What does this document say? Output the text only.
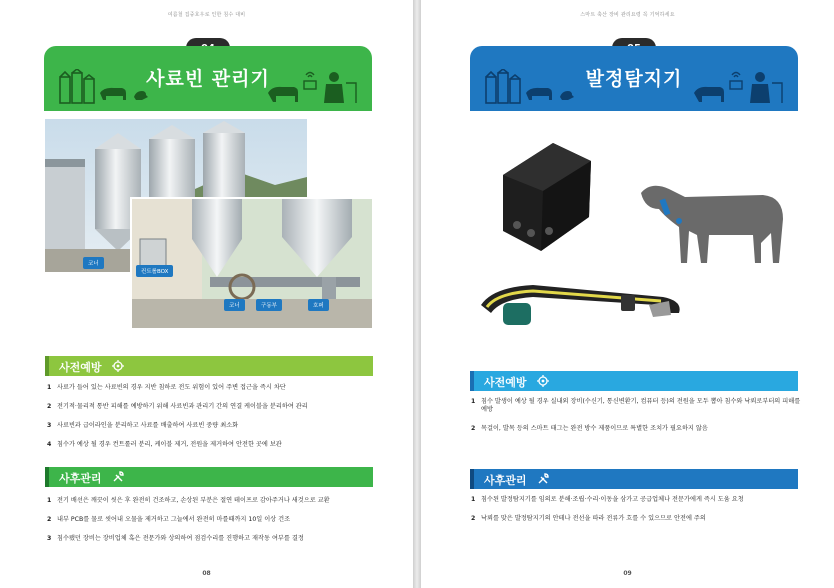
여름철 집중호우로 인한 침수 대비
사료빈 관리기
코너
컨트롤BOX
코너	구동부	호퍼
사전예방
1 사료가 들어 있는 사료빈의 경우 지반 침하로 전도 위험이 있어 주변 접근을 즉시 차단
2 전기적·물리적 통반 피해를 예방하기 위해 사료빈과 관리기 간의 연결 케이블을 분리하여 관리
3 사료빈과 급이라인을 분리하고 사료를 배출하여 사료빈 중량 최소화
4 침수가 예상 될 경우 컨트롤러 분리, 케이블 제거, 전원을 제거하여 안전한 곳에 보관
사후관리
1 전기 배선은 깨끗이 씻은 후 완전히 건조하고, 손상된 부분은 절연 테이프로 감아주거나 새것으로 교환
2 내부 PCB를 물로 씻어내 오물을 제거하고 그늘에서 완전히 마를때까지 10일 이상 건조
3 침수됐던 장비는 장비업체 혹은 전문가와 상의하여 점검수리를 진행하고 재작동 여부를 결정
08
스마트 축산 장비 관리요령 꼭 기억하세요
발정탐지기
사전예방
1 침수 발생이 예상 될 경우 실내외 장비(수신기, 통신변환기, 컴퓨터 등)의 전원을 모두 뽑아 침수와 낙뢰로부터의 피해를 예방
2 목걸이, 발목 등의 스마트 태그는 완전 방수 제품이므로 특별한 조치가 필요하지 않음
사후관리
1 침수된 발정탐지기를 임의로 분해·조립·수리·이동을 삼가고 공급업체나 전문가에게 즉시 도움 요청
2 낙뢰를 맞은 발정탐지기의 안테나 전선을 따라 전류가 흐를 수 있으므로 안전에 주의
09
